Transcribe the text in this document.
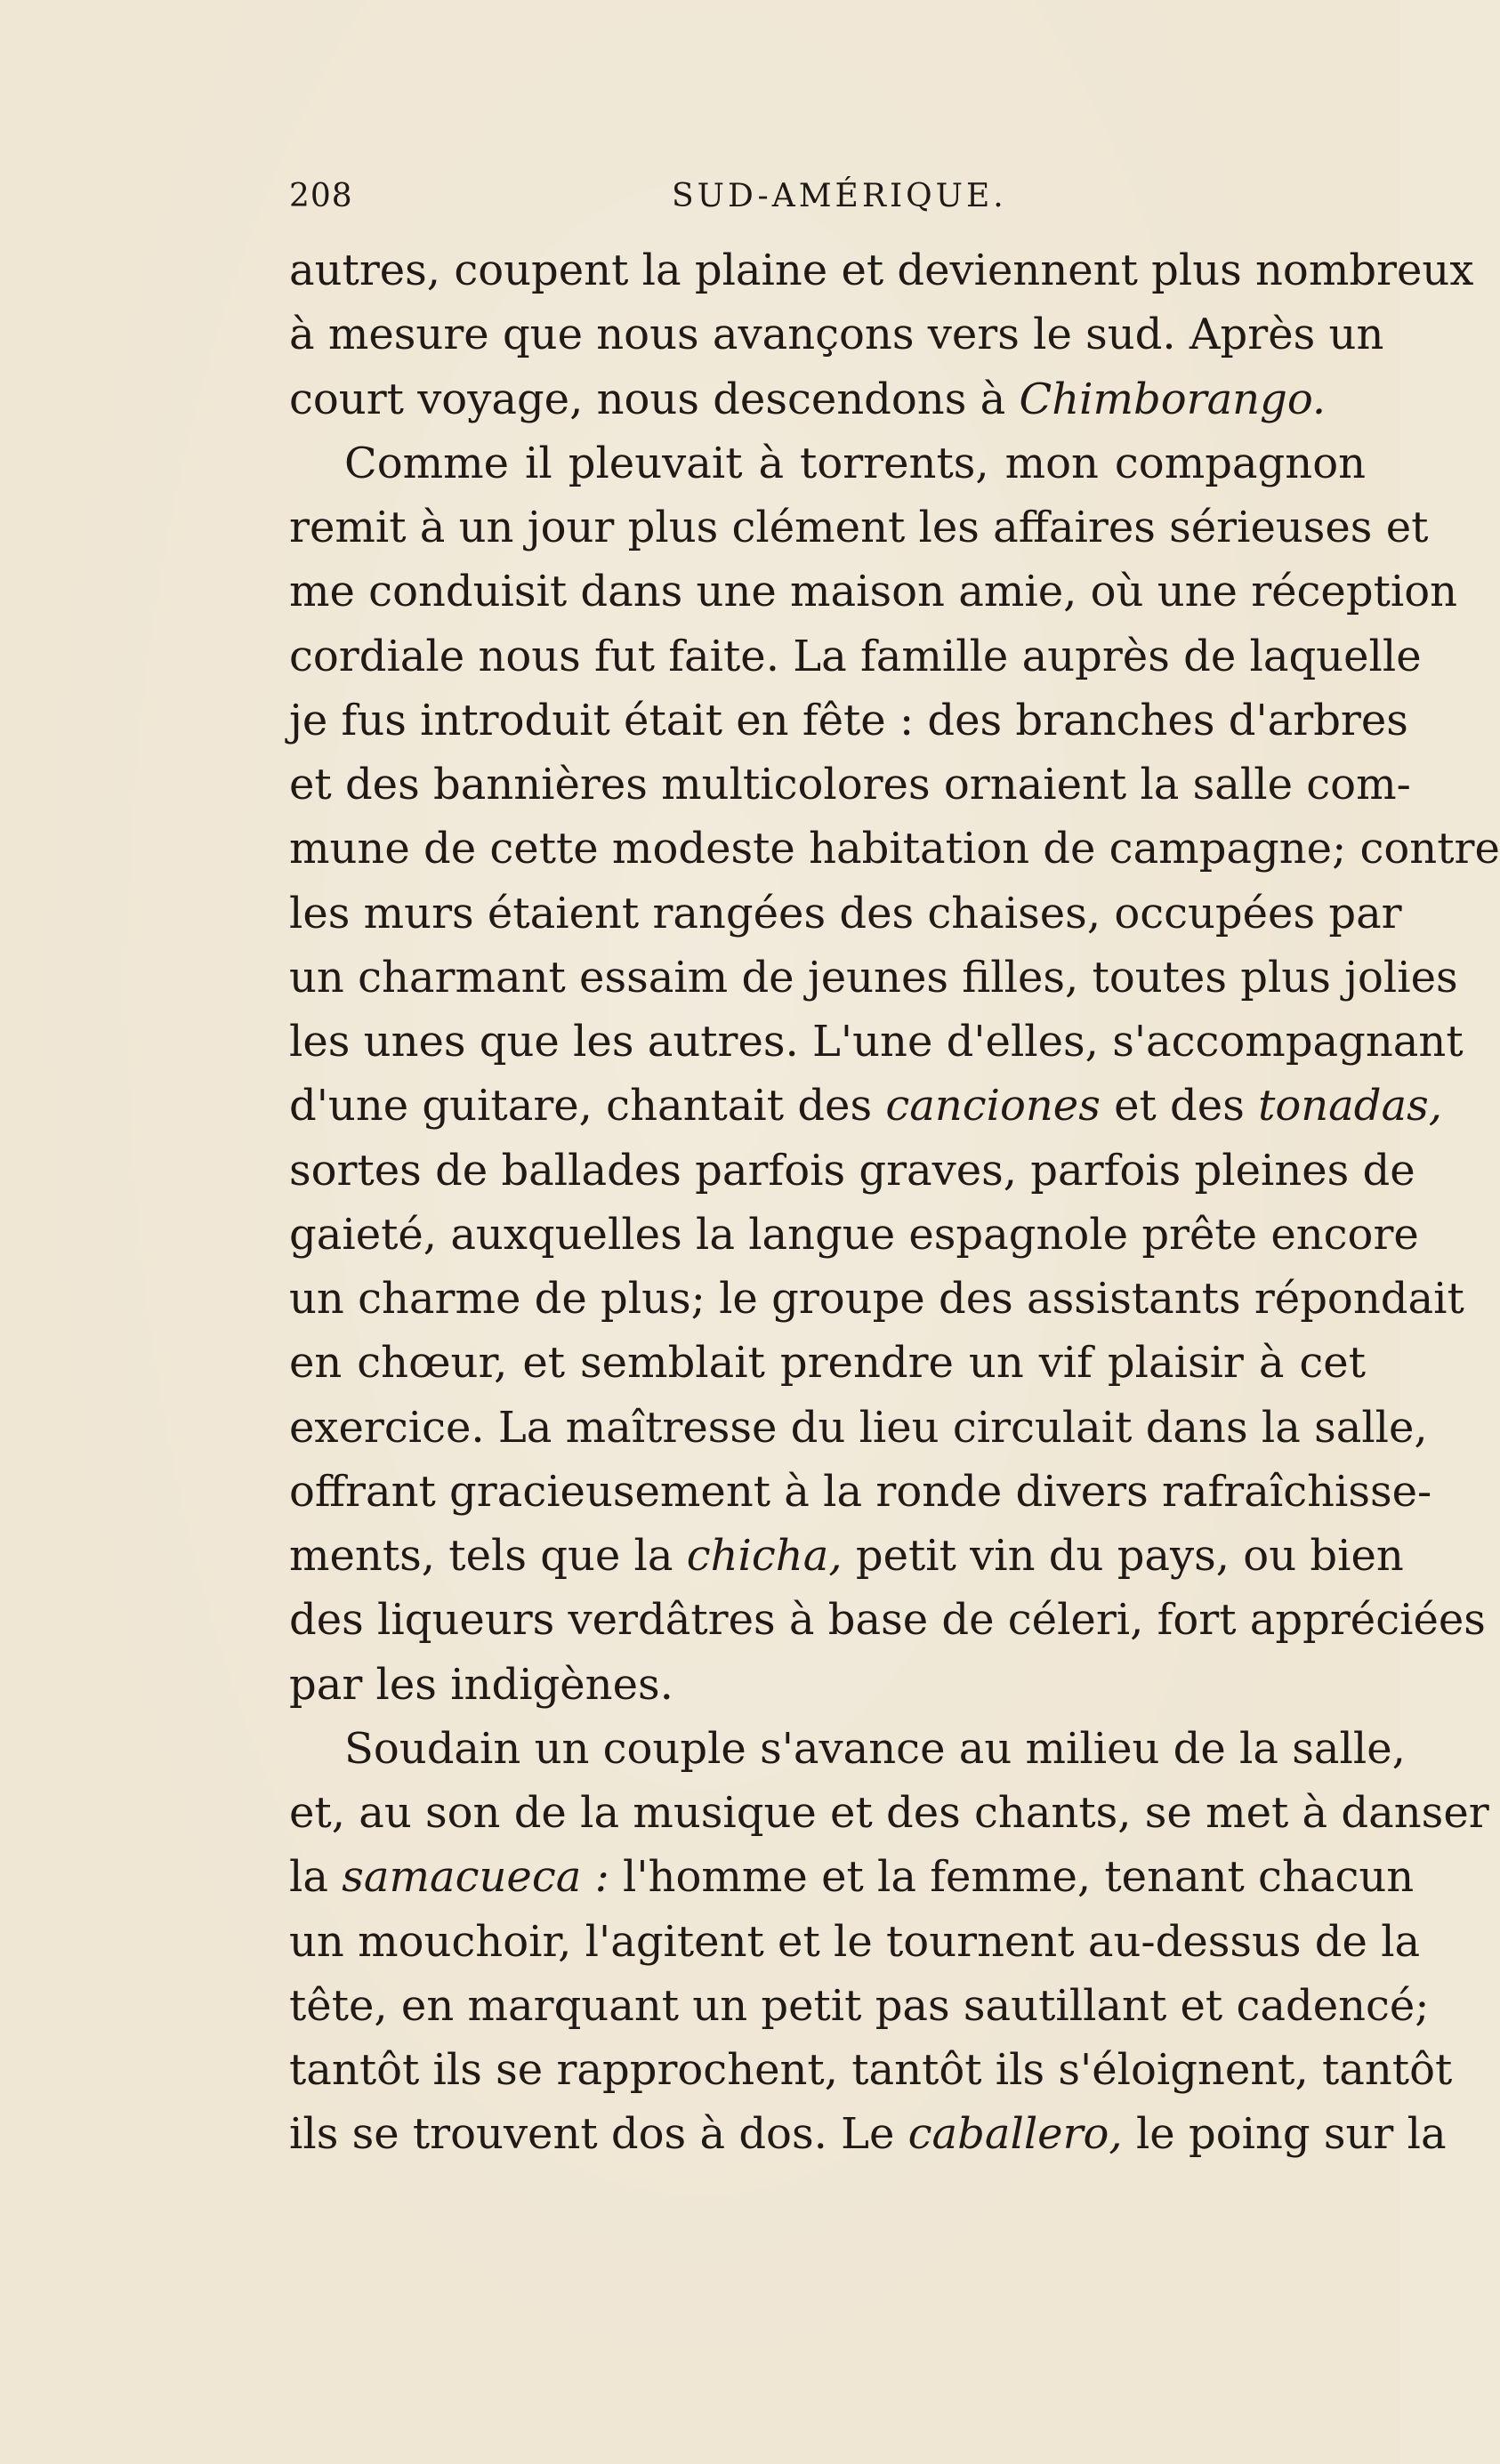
208	SUD-AMÉRIQUE.
autres, coupent la plaine et deviennent plus nombreux
à mesure que nous avançons vers le sud. Après un
court voyage, nous descendons à Chimborango.
Comme il pleuvait à torrents, mon compagnon
remit à un jour plus clément les affaires sérieuses et
me conduisit dans une maison amie, où une réception
cordiale nous fut faite. La famille auprès de laquelle
je fus introduit était en fête : des branches d'arbres
et des bannières multicolores ornaient la salle com-
mune de cette modeste habitation de campagne; contre
les murs étaient rangées des chaises, occupées par
un charmant essaim de jeunes filles, toutes plus jolies
les unes que les autres. L'une d'elles, s'accompagnant
d'une guitare, chantait des canciones et des tonadas,
sortes de ballades parfois graves, parfois pleines de
gaieté, auxquelles la langue espagnole prête encore
un charme de plus; le groupe des assistants répondait
en chœur, et semblait prendre un vif plaisir à cet
exercice. La maîtresse du lieu circulait dans la salle,
offrant gracieusement à la ronde divers rafraîchisse-
ments, tels que la chicha, petit vin du pays, ou bien
des liqueurs verdâtres à base de céleri, fort appréciées
par les indigènes.
Soudain un couple s'avance au milieu de la salle,
et, au son de la musique et des chants, se met à danser
la samacueca : l'homme et la femme, tenant chacun
un mouchoir, l'agitent et le tournent au-dessus de la
tête, en marquant un petit pas sautillant et cadencé;
tantôt ils se rapprochent, tantôt ils s'éloignent, tantôt
ils se trouvent dos à dos. Le caballero, le poing sur la
